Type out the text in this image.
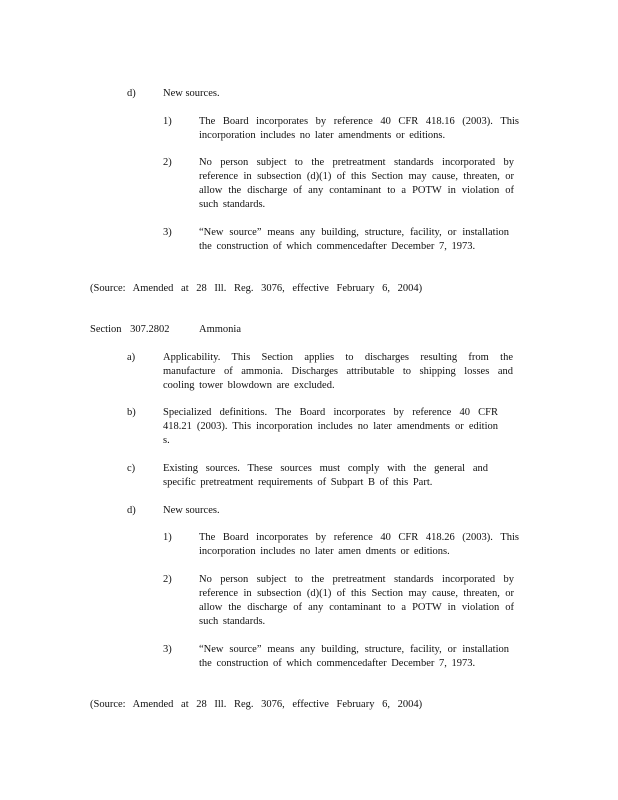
d)	New sources.
1)	The Board incorporates by reference 40 CFR 418.16 (2003). This incorporation includes no later amendments or editions.
2)	No person subject to the pretreatment standards incorporated by reference in subsection (d)(1) of this Section may cause, threaten, or allow the discharge of any contaminant to a POTW in violation of such standards.
3)	“New source” means any building, structure, facility, or installation the construction of which commencedafter December 7, 1973.
(Source: Amended at 28 Ill. Reg. 3076, effective February 6, 2004)
Section 307.2802	Ammonia
a)	Applicability. This Section applies to discharges resulting from the manufacture of ammonia. Discharges attributable to shipping losses and cooling tower blowdown are excluded.
b)	Specialized definitions. The Board incorporates by reference 40 CFR 418.21 (2003). This incorporation includes no later amendments or edition s.
c)	Existing sources. These sources must comply with the general and specific pretreatment requirements of Subpart B of this Part.
d)	New sources.
1)	The Board incorporates by reference 40 CFR 418.26 (2003). This incorporation includes no later amen dments or editions.
2)	No person subject to the pretreatment standards incorporated by reference in subsection (d)(1) of this Section may cause, threaten, or allow the discharge of any contaminant to a POTW in violation of such standards.
3)	“New source” means any building, structure, facility, or installation the construction of which commencedafter December 7, 1973.
(Source: Amended at 28 Ill. Reg. 3076, effective February 6, 2004)
